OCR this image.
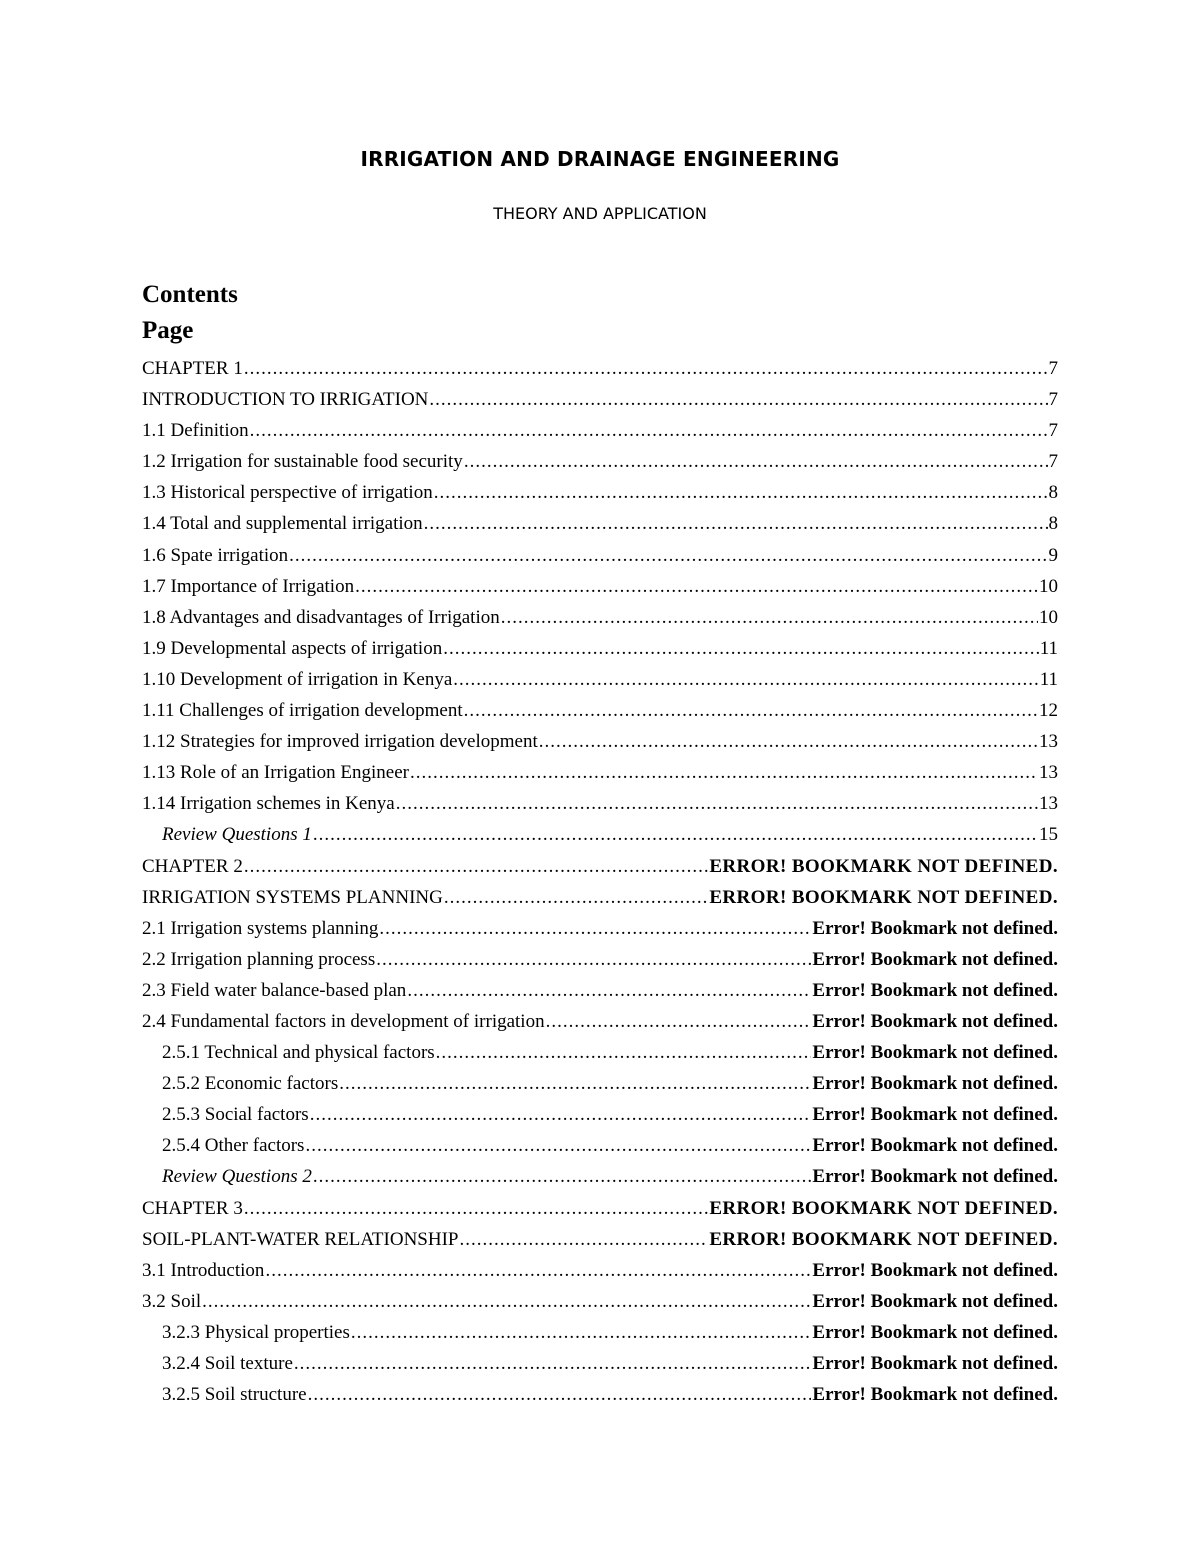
IRRIGATION AND DRAINAGE ENGINEERING
THEORY AND APPLICATION
Contents
Page
CHAPTER 1 .....	7
INTRODUCTION TO IRRIGATION .....	7
1.1 Definition .....	7
1.2 Irrigation for sustainable food security .....	7
1.3 Historical perspective of irrigation .....	8
1.4 Total and supplemental irrigation .....	8
1.6 Spate irrigation .....	9
1.7 Importance of Irrigation .....	10
1.8 Advantages and disadvantages of Irrigation .....	10
1.9 Developmental aspects of irrigation .....	11
1.10 Development of irrigation in Kenya .....	11
1.11 Challenges of irrigation development .....	12
1.12 Strategies for improved irrigation development .....	13
1.13 Role of an Irrigation Engineer .....	13
1.14 Irrigation schemes in Kenya .....	13
Review Questions 1 .....	15
CHAPTER 2 .....	ERROR! BOOKMARK NOT DEFINED.
IRRIGATION SYSTEMS PLANNING .....	ERROR! BOOKMARK NOT DEFINED.
2.1 Irrigation systems planning .....	Error! Bookmark not defined.
2.2 Irrigation planning process .....	Error! Bookmark not defined.
2.3 Field water balance-based plan .....	Error! Bookmark not defined.
2.4 Fundamental factors in development of irrigation .....	Error! Bookmark not defined.
2.5.1 Technical and physical factors .....	Error! Bookmark not defined.
2.5.2 Economic factors .....	Error! Bookmark not defined.
2.5.3 Social factors .....	Error! Bookmark not defined.
2.5.4 Other factors .....	Error! Bookmark not defined.
Review Questions 2 .....	Error! Bookmark not defined.
CHAPTER 3 .....	ERROR! BOOKMARK NOT DEFINED.
SOIL-PLANT-WATER RELATIONSHIP .....	ERROR! BOOKMARK NOT DEFINED.
3.1 Introduction .....	Error! Bookmark not defined.
3.2 Soil .....	Error! Bookmark not defined.
3.2.3 Physical properties .....	Error! Bookmark not defined.
3.2.4 Soil texture .....	Error! Bookmark not defined.
3.2.5 Soil structure .....	Error! Bookmark not defined.
